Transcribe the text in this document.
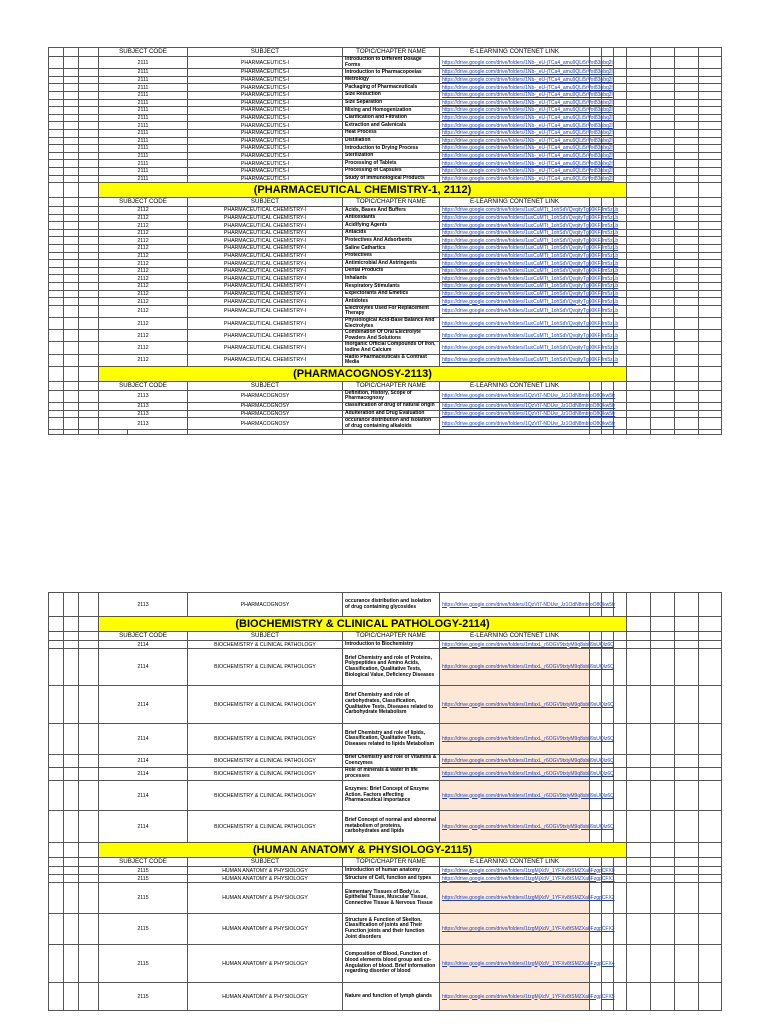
			SUBJECT CODE		SUBJECT	TOPIC/CHAPTER NAME	E-LEARNING CONTENET LINK							
			2111		PHARMACEUTICS-I	Introduction to Different Dosage Forms	https://drive.google.com/drive/folders/1Nb-_eU-jTCa4_amu9QLi5rVot83nbq2l							
			2111		PHARMACEUTICS-I	Introduction to Pharmacopoeias	https://drive.google.com/drive/folders/1Nb-_eU-jTCa4_amu9QLi5rVot83nbq2l							
			2111		PHARMACEUTICS-I	Metrology	https://drive.google.com/drive/folders/1Nb-_eU-jTCa4_amu9QLi5rVot83nbq2l							
			2111		PHARMACEUTICS-I	Packaging of Pharmaceuticals	https://drive.google.com/drive/folders/1Nb-_eU-jTCa4_amu9QLi5rVot83nbq2l							
			2111		PHARMACEUTICS-I	Size Reduction	https://drive.google.com/drive/folders/1Nb-_eU-jTCa4_amu9QLi5rVot83nbq2l							
			2111		PHARMACEUTICS-I	Size Separation	https://drive.google.com/drive/folders/1Nb-_eU-jTCa4_amu9QLi5rVot83nbq2l							
			2111		PHARMACEUTICS-I	Mixing and Homogenization	https://drive.google.com/drive/folders/1Nb-_eU-jTCa4_amu9QLi5rVot83nbq2l							
			2111		PHARMACEUTICS-I	Clarification and Filtration	https://drive.google.com/drive/folders/1Nb-_eU-jTCa4_amu9QLi5rVot83nbq2l							
			2111		PHARMACEUTICS-I	Extraction and Galenicals	https://drive.google.com/drive/folders/1Nb-_eU-jTCa4_amu9QLi5rVot83nbq2l							
			2111		PHARMACEUTICS-I	Heat Process	https://drive.google.com/drive/folders/1Nb-_eU-jTCa4_amu9QLi5rVot83nbq2l							
			2111		PHARMACEUTICS-I	Distillation	https://drive.google.com/drive/folders/1Nb-_eU-jTCa4_amu9QLi5rVot83nbq2l							
			2111		PHARMACEUTICS-I	Introduction to Drying Process	https://drive.google.com/drive/folders/1Nb-_eU-jTCa4_amu9QLi5rVot83nbq2l							
			2111		PHARMACEUTICS-I	Sterilization	https://drive.google.com/drive/folders/1Nb-_eU-jTCa4_amu9QLi5rVot83nbq2l							
			2111		PHARMACEUTICS-I	Processing of Tablets	https://drive.google.com/drive/folders/1Nb-_eU-jTCa4_amu9QLi5rVot83nbq2l							
			2111		PHARMACEUTICS-I	Processing of Capsules	https://drive.google.com/drive/folders/1Nb-_eU-jTCa4_amu9QLi5rVot83nbq2l							
			2111		PHARMACEUTICS-I	Study of immunological Products	https://drive.google.com/drive/folders/1Nb-_eU-jTCa4_amu9QLi5rVot83nbq2l							
			(PHARMACEUTICAL CHEMISTRY-1, 2112)											
			SUBJECT CODE		SUBJECT	TOPIC/CHAPTER NAME	E-LEARNING CONTENET LINK							
			2112		PHARMACEUTICAL CHEMISTRY-I	Acids, Bases And Buffers	https://drive.google.com/drive/folders/1uxCuMTt_1ohSdVQvqityTg90KFJm5zLb							
			2112		PHARMACEUTICAL CHEMISTRY-I	Antioxidants	https://drive.google.com/drive/folders/1uxCuMTt_1ohSdVQvqityTg90KFJm5zLb							
			2112		PHARMACEUTICAL CHEMISTRY-I	Acidifying Agents	https://drive.google.com/drive/folders/1uxCuMTt_1ohSdVQvqityTg90KFJm5zLb							
			2112		PHARMACEUTICAL CHEMISTRY-I	Antacids	https://drive.google.com/drive/folders/1uxCuMTt_1ohSdVQvqityTg90KFJm5zLb							
			2112		PHARMACEUTICAL CHEMISTRY-I	Protectives And Adsorbents	https://drive.google.com/drive/folders/1uxCuMTt_1ohSdVQvqityTg90KFJm5zLb							
			2112		PHARMACEUTICAL CHEMISTRY-I	Saline Cathartics	https://drive.google.com/drive/folders/1uxCuMTt_1ohSdVQvqityTg90KFJm5zLb							
			2112		PHARMACEUTICAL CHEMISTRY-I	Protectives	https://drive.google.com/drive/folders/1uxCuMTt_1ohSdVQvqityTg90KFJm5zLb							
			2112		PHARMACEUTICAL CHEMISTRY-I	Antimicrobial And Astringents	https://drive.google.com/drive/folders/1uxCuMTt_1ohSdVQvqityTg90KFJm5zLb							
			2112		PHARMACEUTICAL CHEMISTRY-I	Dental Products	https://drive.google.com/drive/folders/1uxCuMTt_1ohSdVQvqityTg90KFJm5zLb							
			2112		PHARMACEUTICAL CHEMISTRY-I	Inhalants	https://drive.google.com/drive/folders/1uxCuMTt_1ohSdVQvqityTg90KFJm5zLb							
			2112		PHARMACEUTICAL CHEMISTRY-I	Respiratory Stimulants	https://drive.google.com/drive/folders/1uxCuMTt_1ohSdVQvqityTg90KFJm5zLb							
			2112		PHARMACEUTICAL CHEMISTRY-I	Expectorants And Emetics	https://drive.google.com/drive/folders/1uxCuMTt_1ohSdVQvqityTg90KFJm5zLb							
			2112		PHARMACEUTICAL CHEMISTRY-I	Antidotes	https://drive.google.com/drive/folders/1uxCuMTt_1ohSdVQvqityTg90KFJm5zLb							
			2112		PHARMACEUTICAL CHEMISTRY-I	Electrolytes Used For Replacement Therapy	https://drive.google.com/drive/folders/1uxCuMTt_1ohSdVQvqityTg90KFJm5zLb							
			2112		PHARMACEUTICAL CHEMISTRY-I	Physiological Acid-Base Balance And Electrolytes	https://drive.google.com/drive/folders/1uxCuMTt_1ohSdVQvqityTg90KFJm5zLb							
			2112		PHARMACEUTICAL CHEMISTRY-I	Combination Of Oral Electrolyte Powders And Solutions	https://drive.google.com/drive/folders/1uxCuMTt_1ohSdVQvqityTg90KFJm5zLb							
			2112		PHARMACEUTICAL CHEMISTRY-I	Inorganic Official Compounds Of Iron, Iodine And Calcium	https://drive.google.com/drive/folders/1uxCuMTt_1ohSdVQvqityTg90KFJm5zLb							
			2112		PHARMACEUTICAL CHEMISTRY-I	Radio Pharmaceuticals & Contrast Media	https://drive.google.com/drive/folders/1uxCuMTt_1ohSdVQvqityTg90KFJm5zLb							
			(PHARMACOGNOSY-2113)											
			SUBJECT CODE		SUBJECT	TOPIC/CHAPTER NAME	E-LEARNING CONTENET LINK							
			2113		PHARMACOGNOSY	Definition, History, Scope of Pharmacognosy	https://drive.google.com/drive/folders/1QzVt7-NDUw_Jz1OdN8mbtoO8Qkw5tr							
			2113		PHARMACOGNOSY	classification of drug of natural origin	https://drive.google.com/drive/folders/1QzVt7-NDUw_Jz1OdN8mbtoO8Qkw5tr							
			2113		PHARMACOGNOSY	Adulteration and Drug Evaluation	https://drive.google.com/drive/folders/1QzVt7-NDUw_Jz1OdN8mbtoO8Qkw5tr							
			2113		PHARMACOGNOSY	occurance distribution and isolation of drug containing alkaloids	https://drive.google.com/drive/folders/1QzVt7-NDUw_Jz1OdN8mbtoO8Qkw5tr							

			2113	PHARMACOGNOSY	occurance distribution and isolation of drug containing glycosides	https://drive.google.com/drive/folders/1QzVt7-NDUw_Jz1OdN8mbtoO8Qkw5tr							
			(BIOCHEMISTRY & CLINICAL PATHOLOGY-2114)										
			SUBJECT CODE	SUBJECT	TOPIC/CHAPTER NAME	E-LEARNING CONTENET LINK							
			2114	BIOCHEMISTRY & CLINICAL PATHOLOGY	Introduction to Biochemistry	https://drive.google.com/drive/folders/1mfaxL_r6OGV9txtyM9q8sb89sUQlz6Q							
			2114	BIOCHEMISTRY & CLINICAL PATHOLOGY	Brief Chemistry and role of Proteins, Polypeptides and Amino Acids, Classification, Qualitative Tests, Biological Value, Deficiency Diseases	https://drive.google.com/drive/folders/1mfaxL_r6OGV9txtyM9q8sb89sUQlz6Q							
			2114	BIOCHEMISTRY & CLINICAL PATHOLOGY	Brief Chemistry and role of carbohydrates, Classification, Qualitative Tests, Diseases related to Carbohydrate Metabolism	https://drive.google.com/drive/folders/1mfaxL_r6OGV9txtyM9q8sb89sUQlz6Q							
			2114	BIOCHEMISTRY & CLINICAL PATHOLOGY	Brief Chemistry and role of lipids, Classification, Qualitative Tests, Diseases related to lipids Metabolism	https://drive.google.com/drive/folders/1mfaxL_r6OGV9txtyM9q8sb89sUQlz6Q							
			2114	BIOCHEMISTRY & CLINICAL PATHOLOGY	Brief Chemistry and role of Vitamins & Coenzymes	https://drive.google.com/drive/folders/1mfaxL_r6OGV9txtyM9q8sb89sUQlz6Q							
			2114	BIOCHEMISTRY & CLINICAL PATHOLOGY	Role of minerals & water in life processes	https://drive.google.com/drive/folders/1mfaxL_r6OGV9txtyM9q8sb89sUQlz6Q							
			2114	BIOCHEMISTRY & CLINICAL PATHOLOGY	Enzymes: Brief Concept of Enzyme Action. Factors affecting Pharmaceutical importance	https://drive.google.com/drive/folders/1mfaxL_r6OGV9txtyM9q8sb89sUQlz6Q							
			2114	BIOCHEMISTRY & CLINICAL PATHOLOGY	Brief Concept of normal and abnormal metabolism of proteins, carbohydrates and lipids	https://drive.google.com/drive/folders/1mfaxL_r6OGV9txtyM9q8sb89sUQlz6Q							
			(HUMAN ANATOMY & PHYSIOLOGY-2115)										
			SUBJECT CODE	SUBJECT	TOPIC/CHAPTER NAME	E-LEARNING CONTENET LINK							
			2115	HUMAN ANATOMY & PHYSIOLOGY	Introduction of human anatomy	https://drive.google.com/drive/folders/1tzgMjXdV_1YFXv8tSMZXa8FzgpCFX0							
			2115	HUMAN ANATOMY & PHYSIOLOGY	Structure of Cell, function and types	https://drive.google.com/drive/folders/1tzgMjXdV_1YFXv8tSMZXa8FzgpCFX1							
			2115	HUMAN ANATOMY & PHYSIOLOGY	Elementary Tissues of Body i.e. Epithelial Tissue, Muscular Tissue, Connective Tissue & Nervous Tissue	https://drive.google.com/drive/folders/1tzgMjXdV_1YFXv8tSMZXa8FzgpCFX2							
			2115	HUMAN ANATOMY & PHYSIOLOGY	Structure & Function of Skelton, Classification of joints and Their Function joints and their function Joint disorders	https://drive.google.com/drive/folders/1tzgMjXdV_1YFXv8tSMZXa8FzgpCFX3							
			2115	HUMAN ANATOMY & PHYSIOLOGY	Composition of Blood, Function of blood elements blood group and co-Angulation of blood. Brief information regarding disorder of blood	https://drive.google.com/drive/folders/1tzgMjXdV_1YFXv8tSMZXa8FzgpCFX4							
			2115	HUMAN ANATOMY & PHYSIOLOGY	Nature and function of lymph glands	https://drive.google.com/drive/folders/1tzgMjXdV_1YFXv8tSMZXa8FzgpCFX5							
